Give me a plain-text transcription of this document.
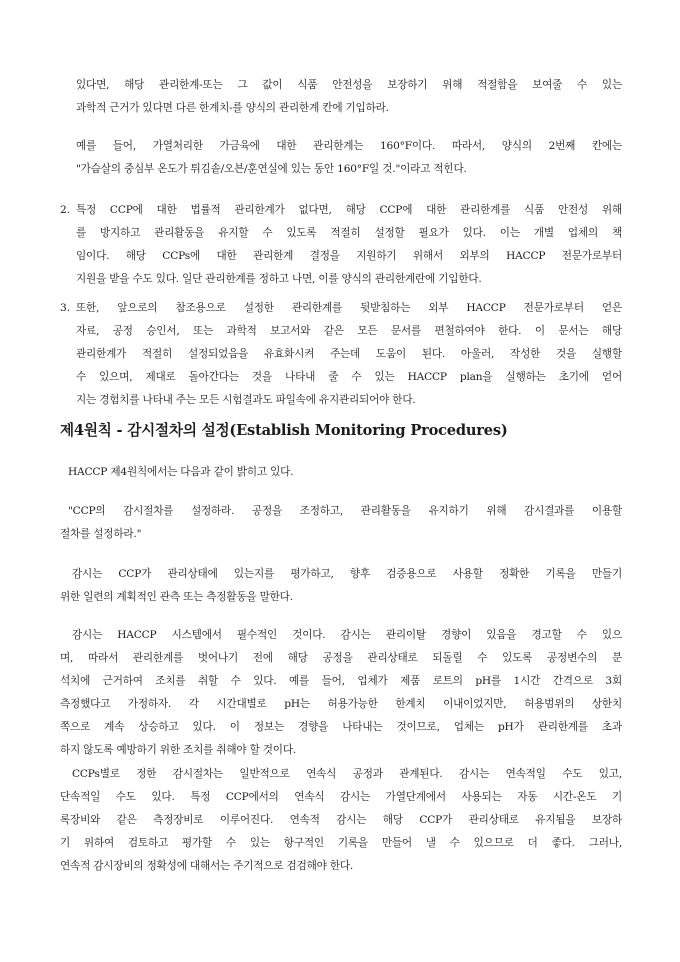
있다면, 해당 관리한계-또는 그 값이 식품 안전성을 보장하기 위해 적절함을 보여줄 수 있는
과학적 근거가 있다면 다른 한계치-를 양식의 관리한계 칸에 기입하라.
예를 들어, 가열처리한 가금육에 대한 관리한계는 160°F이다. 따라서, 양식의 2번째 칸에는
"가슴살의 중심부 온도가 튀김솥/오븐/훈연실에 있는 동안 160°F일 것."이라고 적힌다.
2. 특정 CCP에 대한 법률적 관리한계가 없다면, 해당 CCP에 대한 관리한계를 식품 안전성 위해
를 방지하고 관리활동을 유지할 수 있도록 적절히 설정할 필요가 있다. 이는 개별 업체의 책
임이다. 해당 CCPs에 대한 관리한계 결정을 지원하기 위해서 외부의 HACCP 전문가로부터
지원을 받을 수도 있다. 일단 관리한계를 정하고 나면, 이를 양식의 관리한계란에 기입한다.
3. 또한, 앞으로의 참조용으로 설정한 관리한계를 뒷받침하는 외부 HACCP 전문가로부터 얻은
자료, 공정 승인서, 또는 과학적 보고서와 같은 모든 문서를 편철하여야 한다. 이 문서는 해당
관리한계가 적절히 설정되었음을 유효화시켜 주는데 도움이 된다. 아울러, 작성한 것을 실행할
수 있으며, 제대로 돌아간다는 것을 나타내 줄 수 있는 HACCP plan을 실행하는 초기에 얻어
지는 경험치를 나타내 주는 모든 시험결과도 파일속에 유지관리되어야 한다.
제4원칙 - 감시절차의 설정(Establish Monitoring Procedures)
HACCP 제4원칙에서는 다음과 같이 밝히고 있다.
"CCP의 감시절차를 설정하라. 공정을 조정하고, 관리활동을 유지하기 위해 감시결과를 이용할
절차를 설정하라."
감시는 CCP가 관리상태에 있는지를 평가하고, 향후 검증용으로 사용할 정확한 기록을 만들기
위한 일련의 계획적인 관측 또는 측정활동을 말한다.
감시는 HACCP 시스템에서 필수적인 것이다. 감시는 관리이탈 경향이 있음을 경고할 수 있으
며, 따라서 관리한계를 벗어나기 전에 해당 공정을 관리상태로 되돌릴 수 있도록 공정변수의 분
석치에 근거하여 조치를 취할 수 있다. 예를 들어, 업체가 제품 로트의 pH를 1시간 간격으로 3회
측정했다고 가정하자. 각 시간대별로 pH는 허용가능한 한계치 이내이었지만, 허용범위의 상한치
쪽으로 계속 상승하고 있다. 이 정보는 경향을 나타내는 것이므로, 업체는 pH가 관리한계를 초과
하지 않도록 예방하기 위한 조치를 취해야 할 것이다.
CCPs별로 정한 감시절차는 일반적으로 연속식 공정과 관계된다. 감시는 연속적일 수도 있고,
단속적일 수도 있다. 특정 CCP에서의 연속식 감시는 가열단계에서 사용되는 자동 시간-온도 기
록장비와 같은 측정장비로 이루어진다. 연속적 감시는 해당 CCP가 관리상태로 유지됨을 보장하
기 위하여 검토하고 평가할 수 있는 항구적인 기록을 만들어 낼 수 있으므로 더 좋다. 그러나,
연속적 감시장비의 정확성에 대해서는 주기적으로 검검해야 한다.
